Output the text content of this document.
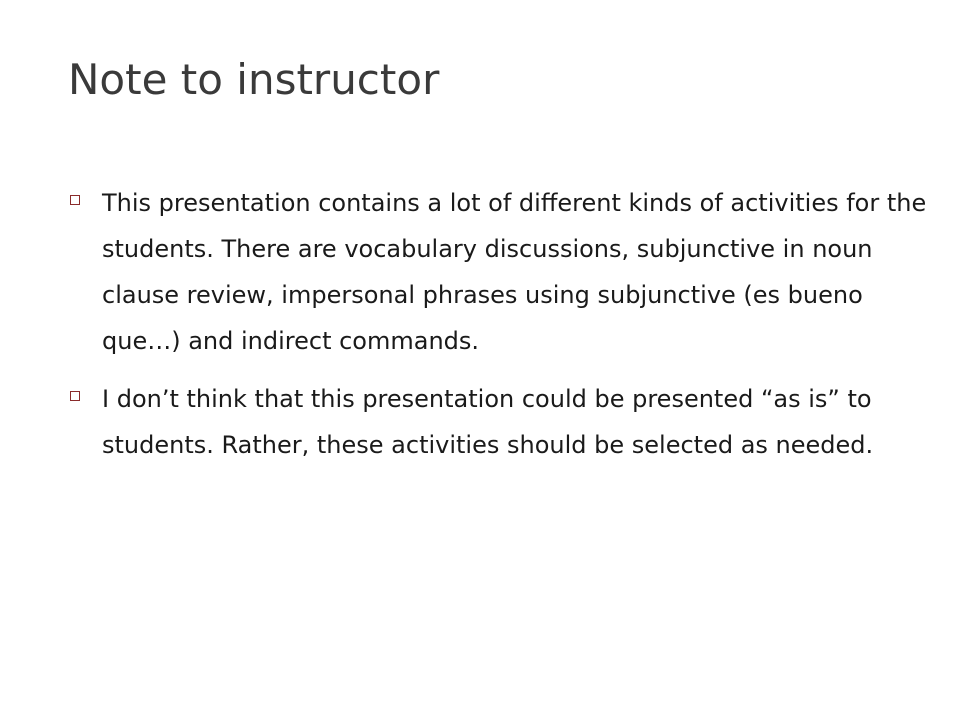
Note to instructor
This presentation contains a lot of different kinds of activities for the students. There are vocabulary discussions, subjunctive in noun clause review, impersonal phrases using subjunctive (es bueno que…) and indirect commands.
I don’t think that this presentation could be presented “as is” to students. Rather, these activities should be selected as needed.
